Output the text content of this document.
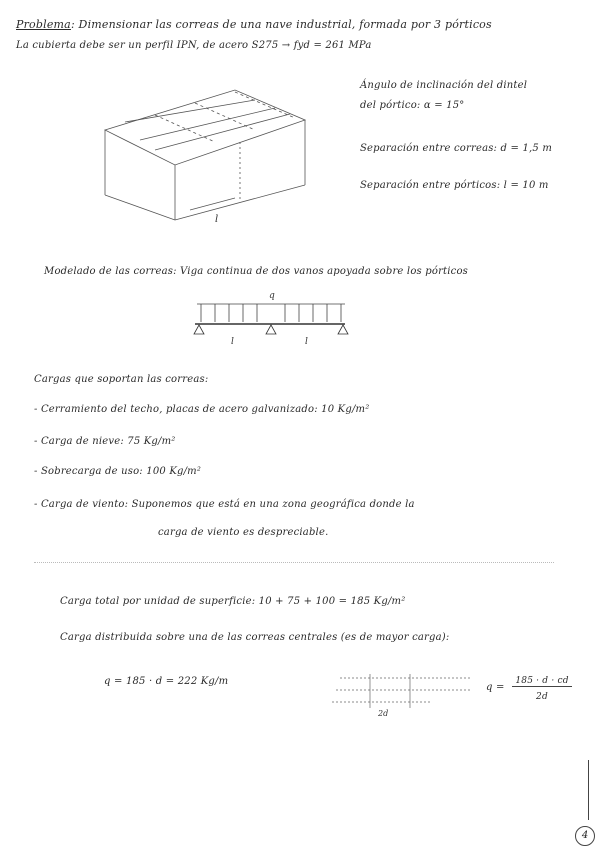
Problema: Dimensionar las correas de una nave industrial, formada por 3 pórticos
La cubierta debe ser un perfil IPN, de acero S275 → fyd = 261 MPa
l
Ángulo de inclinación del dintel
del pórtico: α = 15°
Separación entre correas: d = 1,5 m
Separación entre pórticos: l = 10 m
Modelado de las correas: Viga continua de dos vanos apoyada sobre los pórticos
q
l	l
Cargas que soportan las correas:
- Cerramiento del techo, placas de acero galvanizado: 10 Kg/m²
- Carga de nieve: 75 Kg/m²
- Sobrecarga de uso: 100 Kg/m²
- Carga de viento: Suponemos que está en una zona geográfica donde la
carga de viento es despreciable.
Carga total por unidad de superficie: 10 + 75 + 100 = 185 Kg/m²
Carga distribuida sobre una de las correas centrales (es de mayor carga):
q = 185 · d = 222 Kg/m
2d
q =
185 · d · cd
2d
4
